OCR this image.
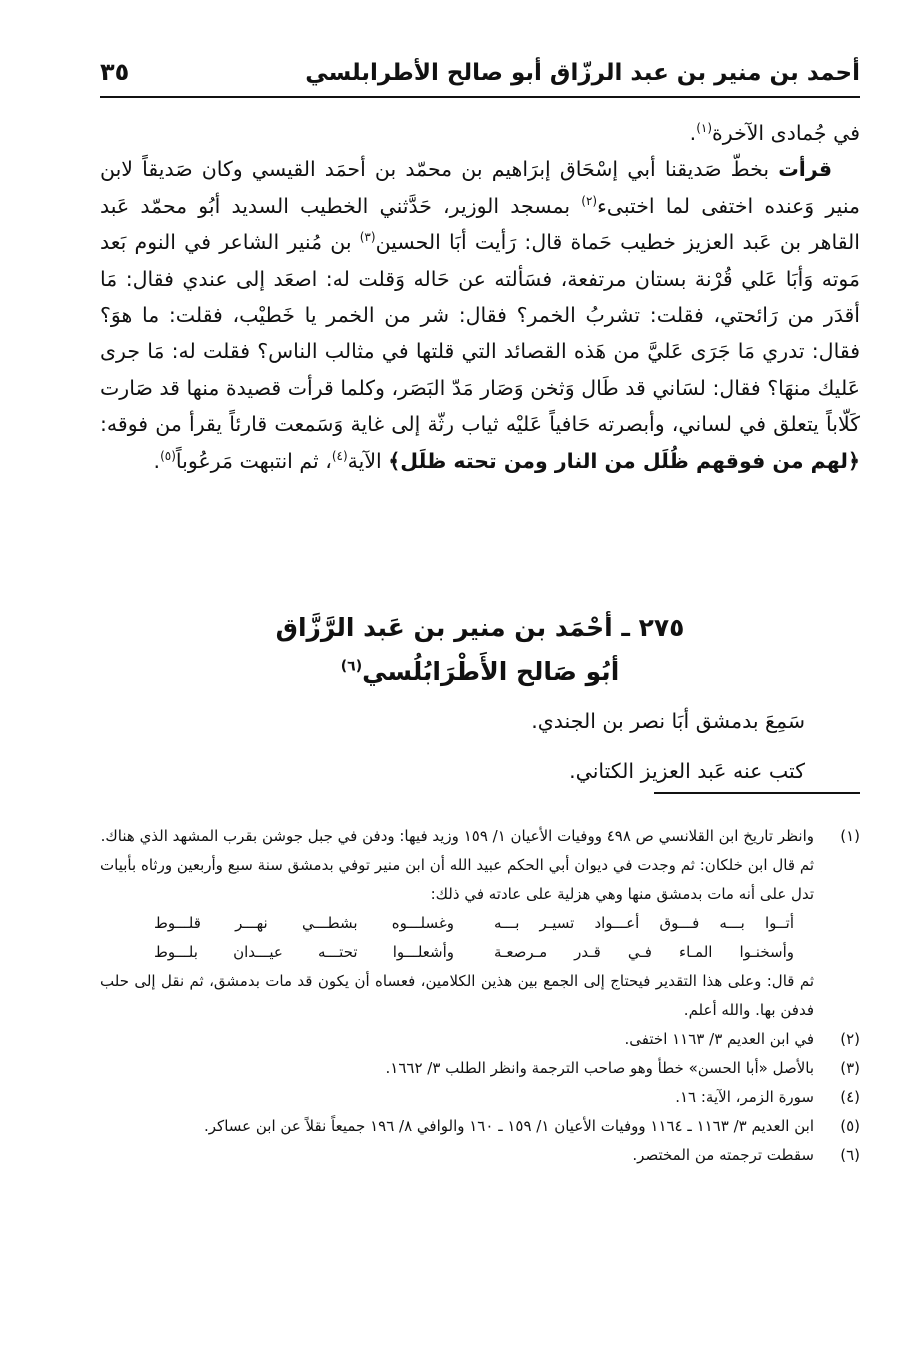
أحمد بن منير بن عبد الرزّاق أبو صالح الأطرابلسي
٣٥

في جُمادى الآخرة$^{(١)}$.

قرأت بخطّ صَديقنا أبي إسْحَاق إبرَاهيم بن محمّد بن أحمَد القيسي وكان صَديقاً لابن منير وَعنده اختفى لما اختبىء$^{(٢)}$ بمسجد الوزير، حَدَّثني الخطيب السديد أبُو محمّد عَبد القاهر بن عَبد العزيز خطيب حَماة قال: رَأيت أبَا الحسين$^{(٣)}$ بن مُنير الشاعر في النوم بَعد مَوته وَأبَا عَلي قُرْنة بستان مرتفعة، فسَألته عن حَاله وَقلت له: اصعَد إلى عندي فقال: مَا أقدَر من رَائحتي، فقلت: تشربُ الخمر؟ فقال: شر من الخمر يا خَطيْب، فقلت: ما هوَ؟ فقال: تدري مَا جَرَى عَليَّ من هَذه القصائد التي قلتها في مثالب الناس؟ فقلت له: مَا جرى عَليك منهَا؟ فقال: لسَاني قد طَال وَثخن وَصَار مَدّ البَصَر، وكلما قرأت قصيدة منها قد صَارت كَلّاباً يتعلق في لساني، وأبصرته حَافياً عَليْه ثياب رثّة إلى غاية وَسَمعت قارئاً يقرأ من فوقه: ﴿لهم من فوقهم ظُلَل من النار ومن تحته ظلَل﴾ الآية$^{(٤)}$، ثم انتبهت مَرعُوباً$^{(٥)}$.

٢٧٥ ـ أحْمَد بن منير بن عَبد الرَّزَّاق
أبُو صَالح الأَطْرَابُلُسي$^{(٦)}$

سَمِعَ بدمشق أبَا نصر بن الجندي.

كتب عنه عَبد العزيز الكتاني.

(١)
وانظر تاريخ ابن القلانسي ص ٤٩٨ ووفيات الأعيان ١/ ١٥٩ وزيد فيها: ودفن في جبل جوشن بقرب المشهد الذي هناك.

ثم قال ابن خلكان: ثم وجدت في ديوان أبي الحكم عبيد الله أن ابن منير توفي بدمشق سنة سبع وأربعين ورثاه بأبيات تدل على أنه مات بدمشق منها وهي هزلية على عادته في ذلك:

أتــوا بـــه فـــوق أعـــواد تسيـر بـــه
وغسلـــوه بشطـــي نهـــر قلـــوط
وأسخنـوا المـاء فـي قـدر مـرصعـة
وأشعلـــوا تحتـــه عيـــدان بلـــوط

ثم قال: وعلى هذا التقدير فيحتاج إلى الجمع بين هذين الكلامين، فعساه أن يكون قد مات بدمشق، ثم نقل إلى حلب فدفن بها. والله أعلم.

(٢)
في ابن العديم ٣/ ١١٦٣ اختفى.
(٣)
بالأصل «أبا الحسن» خطأ وهو صاحب الترجمة وانظر الطلب ٣/ ١٦٦٢.
(٤)
سورة الزمر، الآية: ١٦.
(٥)
ابن العديم ٣/ ١١٦٣ ـ ١١٦٤ ووفيات الأعيان ١/ ١٥٩ ـ ١٦٠ والوافي ٨/ ١٩٦ جميعاً نقلاً عن ابن عساكر.
(٦)
سقطت ترجمته من المختصر.
